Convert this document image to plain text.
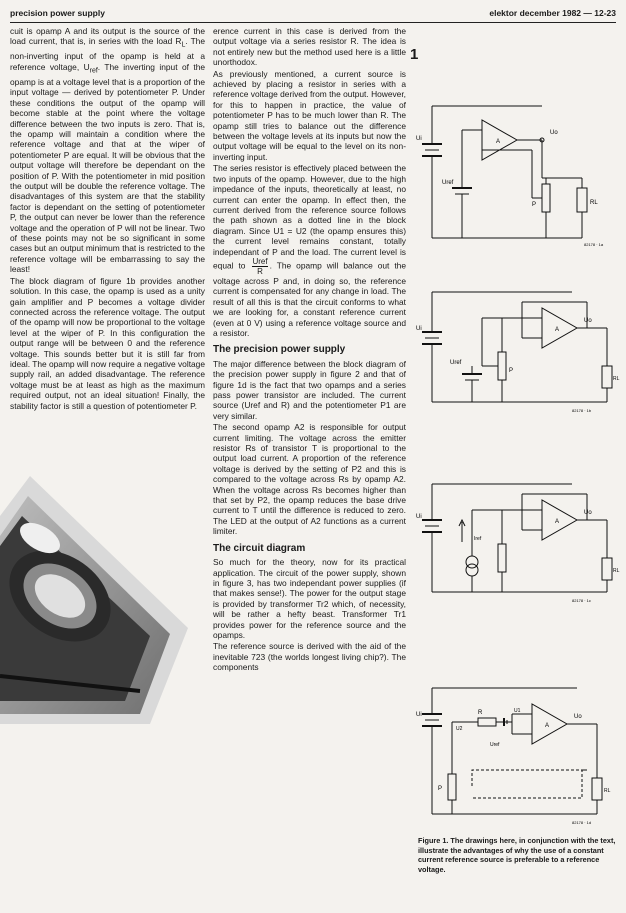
precision power supply	elektor december 1982 — 12-23

cuit is opamp A and its output is the source of the load current, that is, in series with the load $R_L$. The non-inverting input of the opamp is held at a reference voltage, $U_{ref}$. The inverting input of the opamp is at a voltage level that is a proportion of the input voltage — derived by potentiometer P. Under these conditions the output of the opamp will become stable at the point where the voltage difference between the two inputs is zero. That is, the opamp will maintain a condition where the reference voltage and that at the wiper of potentiometer P are equal. It will be obvious that the output voltage will therefore be dependant on the position of P. With the potentiometer in mid position the output will be double the reference voltage. The disadvantages of this system are that the stability factor is dependant on the setting of potentiometer P, the output can never be lower than the reference voltage and the operation of P will not be linear. Two of these points may not be so significant in some cases but an output minimum that is restricted to the reference voltage will be embarrassing to say the least!

The block diagram of figure 1b provides another solution. In this case, the opamp is used as a unity gain amplifier and P becomes a voltage divider connected across the reference voltage. The output of the opamp will now be proportional to the voltage level at the wiper of P. In this configuration the output range will be between 0 and the reference voltage. This sounds better but it is still far from ideal. The opamp will now require a negative voltage supply rail, an added disadvantage. The reference voltage must be at least as high as the maximum required output, not an ideal situation! Finally, the stability factor is still a question of potentiometer P.

erence current in this case is derived from the output voltage via a series resistor R. The idea is not entirely new but the method used here is a little unorthodox.

As previously mentioned, a current source is achieved by placing a resistor in series with a reference voltage derived from the output. However, for this to happen in practice, the value of potentiometer P has to be much lower than R. The opamp still tries to balance out the difference between the voltage levels at its inputs but now the output voltage will be equal to the level on its non-inverting input.

The series resistor is effectively placed between the two inputs of the opamp. However, due to the high impedance of the inputs, theoretically at least, no current can enter the opamp. In effect then, the current derived from the reference source follows the path shown as a dotted line in the block diagram. Since U1 = U2 (the opamp ensures this) the current level remains constant, totally independant of P and the load. The current level is equal to Uref
R
. The opamp will balance out the voltage across P and, in doing so, the reference current is compensated for any change in load. The result of all this is that the circuit conforms to what we are looking for, a constant reference current (even at 0 V) using a reference voltage source and a resistor.

The precision power supply

The major difference between the block diagram of the precision power supply in figure 2 and that of figure 1d is the fact that two opamps and a series pass power transistor are included. The current source (Uref and R) and the potentiometer P1 are very similar.

The second opamp A2 is responsible for output current limiting. The voltage across the emitter resistor Rs of transistor T is proportional to the output load current. A proportion of the reference voltage is derived by the setting of P2 and this is compared to the voltage across Rs by opamp A2. When the voltage across Rs becomes higher than that set by P2, the opamp reduces the base drive current to T until the difference is reduced to zero. The LED at the output of A2 functions as a current limiter.

The circuit diagram

So much for the theory, now for its practical application. The circuit of the power supply, shown in figure 3, has two independant power supplies (if that makes sense!). The power for the output stage is provided by transformer Tr2 which, of necessity, will be rather a hefty beast. Transformer Tr1 provides power for the reference source and the opamps.

The reference source is derived with the aid of the inevitable 723 (the worlds longest living chip?). The components

1
Ui
Uo
Uref
A
P	RL
82178 · 1a
Ui
Uo
Uref
A
P
RL
82178 · 1b
Ui
Uo
Iref
A
RL
82178 · 1c
Ui	Uo
R
U2
U1
Uref
A
P	RL
82178 · 1d
Figure 1. The drawings here, in conjunction with the text, illustrate the advantages of why the use of a constant current reference source is preferable to a reference voltage.
